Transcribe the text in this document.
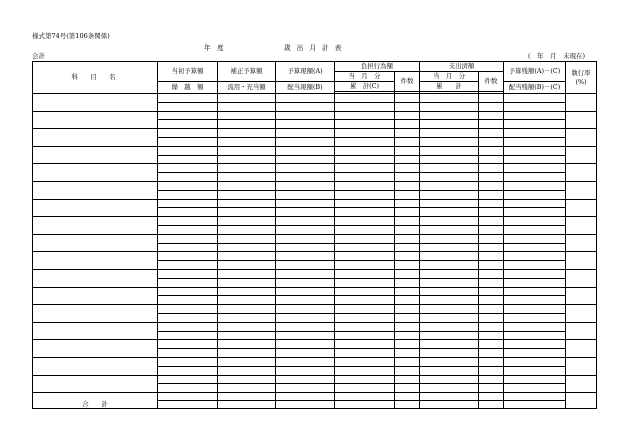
様式第74号(第106条関係)
年　度	歳 出 月 計 表
会計	(　年　月　末現在)
科　目　名	当初予算額	補正予算額	予算現額(A)	負担行為額		支出済額		予算残額(A)－(C)	執行率
(%)

				当　月　分	件数	当　月　分	件数		
	繰　越　額	流用・充当額	配当現額(B)	累　計(C)		累　　計		配当残額(B)－(C)	

合　　計									
